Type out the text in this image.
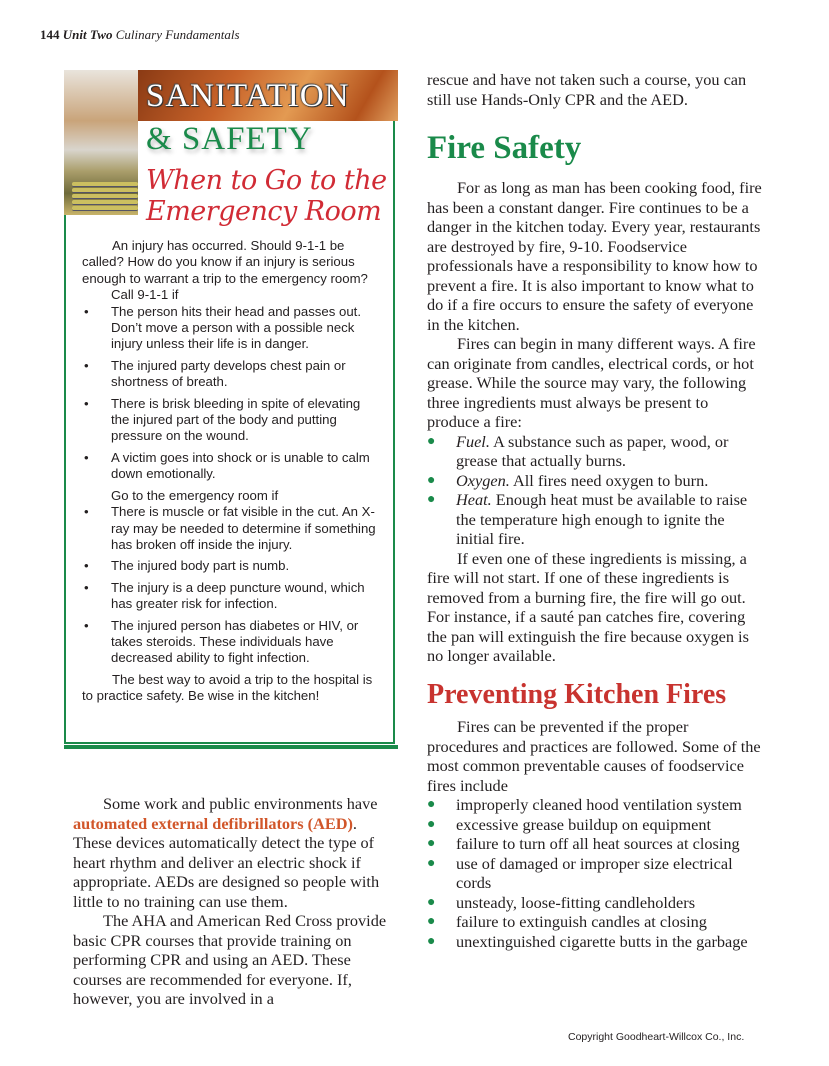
144 Unit Two Culinary Fundamentals
SANITATION
& SAFETY
When to Go to the
Emergency Room

An injury has occurred. Should 9-1-1 be called? How do you know if an injury is serious enough to warrant a trip to the emergency room?

Call 9-1-1 if

• The person hits their head and passes out. Don’t move a person with a possible neck injury unless their life is in danger.
• The injured party develops chest pain or shortness of breath.
• There is brisk bleeding in spite of elevating the injured part of the body and putting pressure on the wound.
• A victim goes into shock or is unable to calm down emotionally.

Go to the emergency room if

• There is muscle or fat visible in the cut. An X-ray may be needed to determine if something has broken off inside the injury.
• The injured body part is numb.
• The injury is a deep puncture wound, which has greater risk for infection.
• The injured person has diabetes or HIV, or takes steroids. These individuals have decreased ability to fight infection.

The best way to avoid a trip to the hospital is to practice safety. Be wise in the kitchen!

Some work and public environments have automated external defibrillators (AED). These devices automatically detect the type of heart rhythm and deliver an electric shock if appropriate. AEDs are designed so people with little to no training can use them.

The AHA and American Red Cross provide basic CPR courses that provide training on performing CPR and using an AED. These courses are recommended for everyone. If, however, you are involved in a

rescue and have not taken such a course, you can still use Hands-Only CPR and the AED.

Fire Safety

For as long as man has been cooking food, fire has been a constant danger. Fire continues to be a danger in the kitchen today. Every year, restaurants are destroyed by fire, 9-10. Foodservice professionals have a responsibility to know how to prevent a fire. It is also important to know what to do if a fire occurs to ensure the safety of everyone in the kitchen.

Fires can begin in many different ways. A fire can originate from candles, electrical cords, or hot grease. While the source may vary, the following three ingredients must always be present to produce a fire:

● Fuel. A substance such as paper, wood, or grease that actually burns.

● Oxygen. All fires need oxygen to burn.

● Heat. Enough heat must be available to raise the temperature high enough to ignite the initial fire.

If even one of these ingredients is missing, a fire will not start. If one of these ingredients is removed from a burning fire, the fire will go out. For instance, if a sauté pan catches fire, covering the pan will extinguish the fire because oxygen is no longer available.

Preventing Kitchen Fires

Fires can be prevented if the proper procedures and practices are followed. Some of the most common preventable causes of foodservice fires include

● improperly cleaned hood ventilation system

● excessive grease buildup on equipment

● failure to turn off all heat sources at closing

● use of damaged or improper size electrical cords

● unsteady, loose-fitting candleholders

● failure to extinguish candles at closing

● unextinguished cigarette butts in the garbage

Copyright Goodheart-Willcox Co., Inc.
